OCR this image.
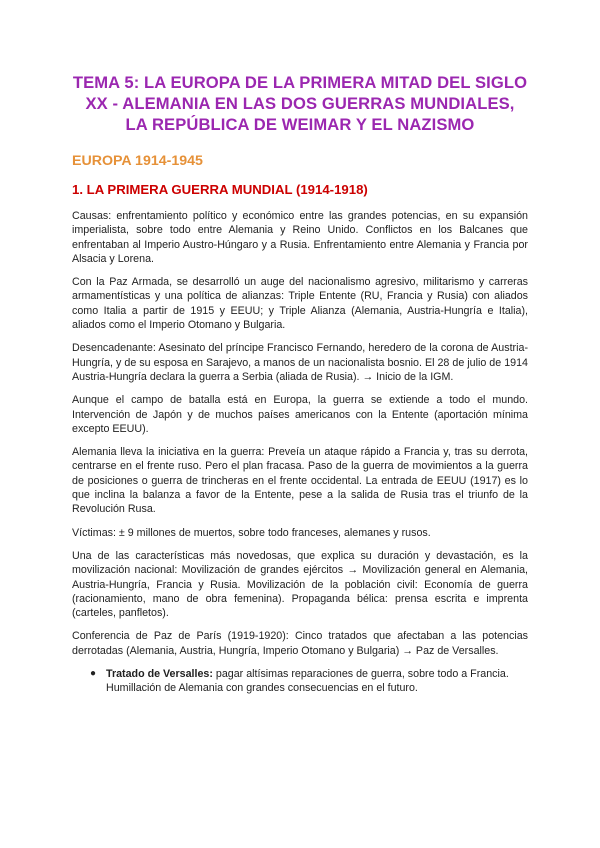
TEMA 5: LA EUROPA DE LA PRIMERA MITAD DEL SIGLO XX - ALEMANIA EN LAS DOS GUERRAS MUNDIALES, LA REPÚBLICA DE WEIMAR Y EL NAZISMO
EUROPA 1914-1945
1. LA PRIMERA GUERRA MUNDIAL (1914-1918)

Causas: enfrentamiento político y económico entre las grandes potencias, en su expansión imperialista, sobre todo entre Alemania y Reino Unido. Conflictos en los Balcanes que enfrentaban al Imperio Austro-Húngaro y a Rusia. Enfrentamiento entre Alemania y Francia por Alsacia y Lorena.

Con la Paz Armada, se desarrolló un auge del nacionalismo agresivo, militarismo y carreras armamentísticas y una política de alianzas: Triple Entente (RU, Francia y Rusia) con aliados como Italia a partir de 1915 y EEUU; y Triple Alianza (Alemania, Austria-Hungría e Italia), aliados como el Imperio Otomano y Bulgaria.

Desencadenante: Asesinato del príncipe Francisco Fernando, heredero de la corona de Austria-Hungría, y de su esposa en Sarajevo, a manos de un nacionalista bosnio. El 28 de julio de 1914 Austria-Hungría declara la guerra a Serbia (aliada de Rusia). → Inicio de la IGM.

Aunque el campo de batalla está en Europa, la guerra se extiende a todo el mundo. Intervención de Japón y de muchos países americanos con la Entente (aportación mínima excepto EEUU).

Alemania lleva la iniciativa en la guerra: Preveía un ataque rápido a Francia y, tras su derrota, centrarse en el frente ruso. Pero el plan fracasa. Paso de la guerra de movimientos a la guerra de posiciones o guerra de trincheras en el frente occidental. La entrada de EEUU (1917) es lo que inclina la balanza a favor de la Entente, pese a la salida de Rusia tras el triunfo de la Revolución Rusa.

Víctimas: ± 9 millones de muertos, sobre todo franceses, alemanes y rusos.

Una de las características más novedosas, que explica su duración y devastación, es la movilización nacional: Movilización de grandes ejércitos → Movilización general en Alemania, Austria-Hungría, Francia y Rusia. Movilización de la población civil: Economía de guerra (racionamiento, mano de obra femenina). Propaganda bélica: prensa escrita e imprenta (carteles, panfletos).

Conferencia de Paz de París (1919-1920): Cinco tratados que afectaban a las potencias derrotadas (Alemania, Austria, Hungría, Imperio Otomano y Bulgaria) → Paz de Versalles.

● Tratado de Versalles: pagar altísimas reparaciones de guerra, sobre todo a Francia. Humillación de Alemania con grandes consecuencias en el futuro.
